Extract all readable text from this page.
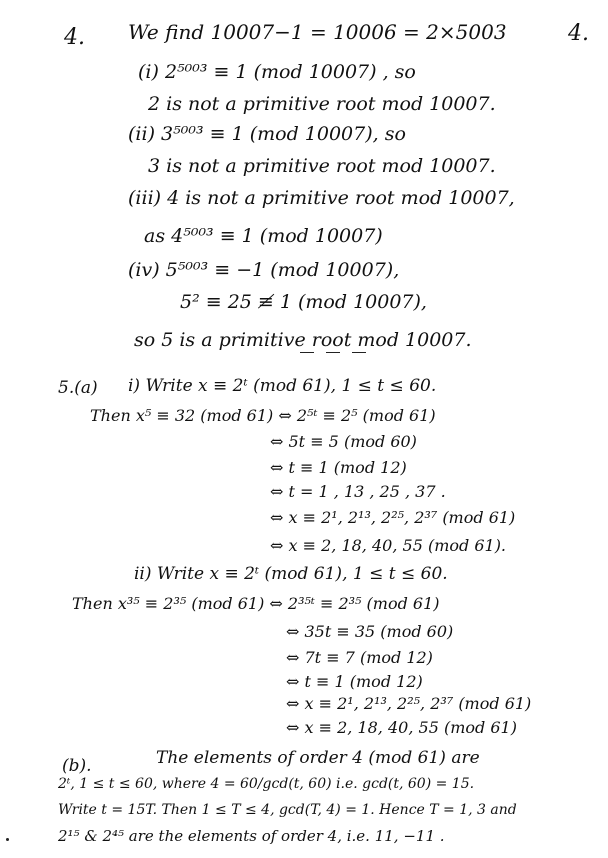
4. We find 10007−1 = 10006 = 2×5003	4.
(i) 2⁵⁰⁰³ ≡ 1 (mod 10007) , so
2 is not a primitive root mod 10007.
(ii) 3⁵⁰⁰³ ≡ 1 (mod 10007), so
3 is not a primitive root mod 10007.
(iii) 4 is not a primitive root mod 10007,
as 4⁵⁰⁰³ ≡ 1 (mod 10007)
(iv) 5⁵⁰⁰³ ≡ −1 (mod 10007),
5² ≡ 25 ≢ 1 (mod 10007),
so 5 is a primitive root mod 10007.
5.(a) i) Write x ≡ 2ᵗ (mod 61), 1 ≤ t ≤ 60.
Then x⁵ ≡ 32 (mod 61) ⇔ 2⁵ᵗ ≡ 2⁵ (mod 61)
⇔ 5t ≡ 5 (mod 60)
⇔ t ≡ 1 (mod 12)
⇔ t = 1 , 13 , 25 , 37 .
⇔ x ≡ 2¹, 2¹³, 2²⁵, 2³⁷ (mod 61)
⇔ x ≡ 2, 18, 40, 55 (mod 61).
ii) Write x ≡ 2ᵗ (mod 61), 1 ≤ t ≤ 60.
Then x³⁵ ≡ 2³⁵ (mod 61) ⇔ 2³⁵ᵗ ≡ 2³⁵ (mod 61)
⇔ 35t ≡ 35 (mod 60)
⇔ 7t ≡ 7 (mod 12)
⇔ t ≡ 1 (mod 12)
⇔ x ≡ 2¹, 2¹³, 2²⁵, 2³⁷ (mod 61)
⇔ x ≡ 2, 18, 40, 55 (mod 61)
(b).	The elements of order 4 (mod 61) are
2ᵗ, 1 ≤ t ≤ 60, where 4 = 60/gcd(t, 60) i.e. gcd(t, 60) = 15.
Write t = 15T. Then 1 ≤ T ≤ 4, gcd(T, 4) = 1. Hence T = 1, 3 and
2¹⁵ & 2⁴⁵ are the elements of order 4, i.e. 11, −11 .
